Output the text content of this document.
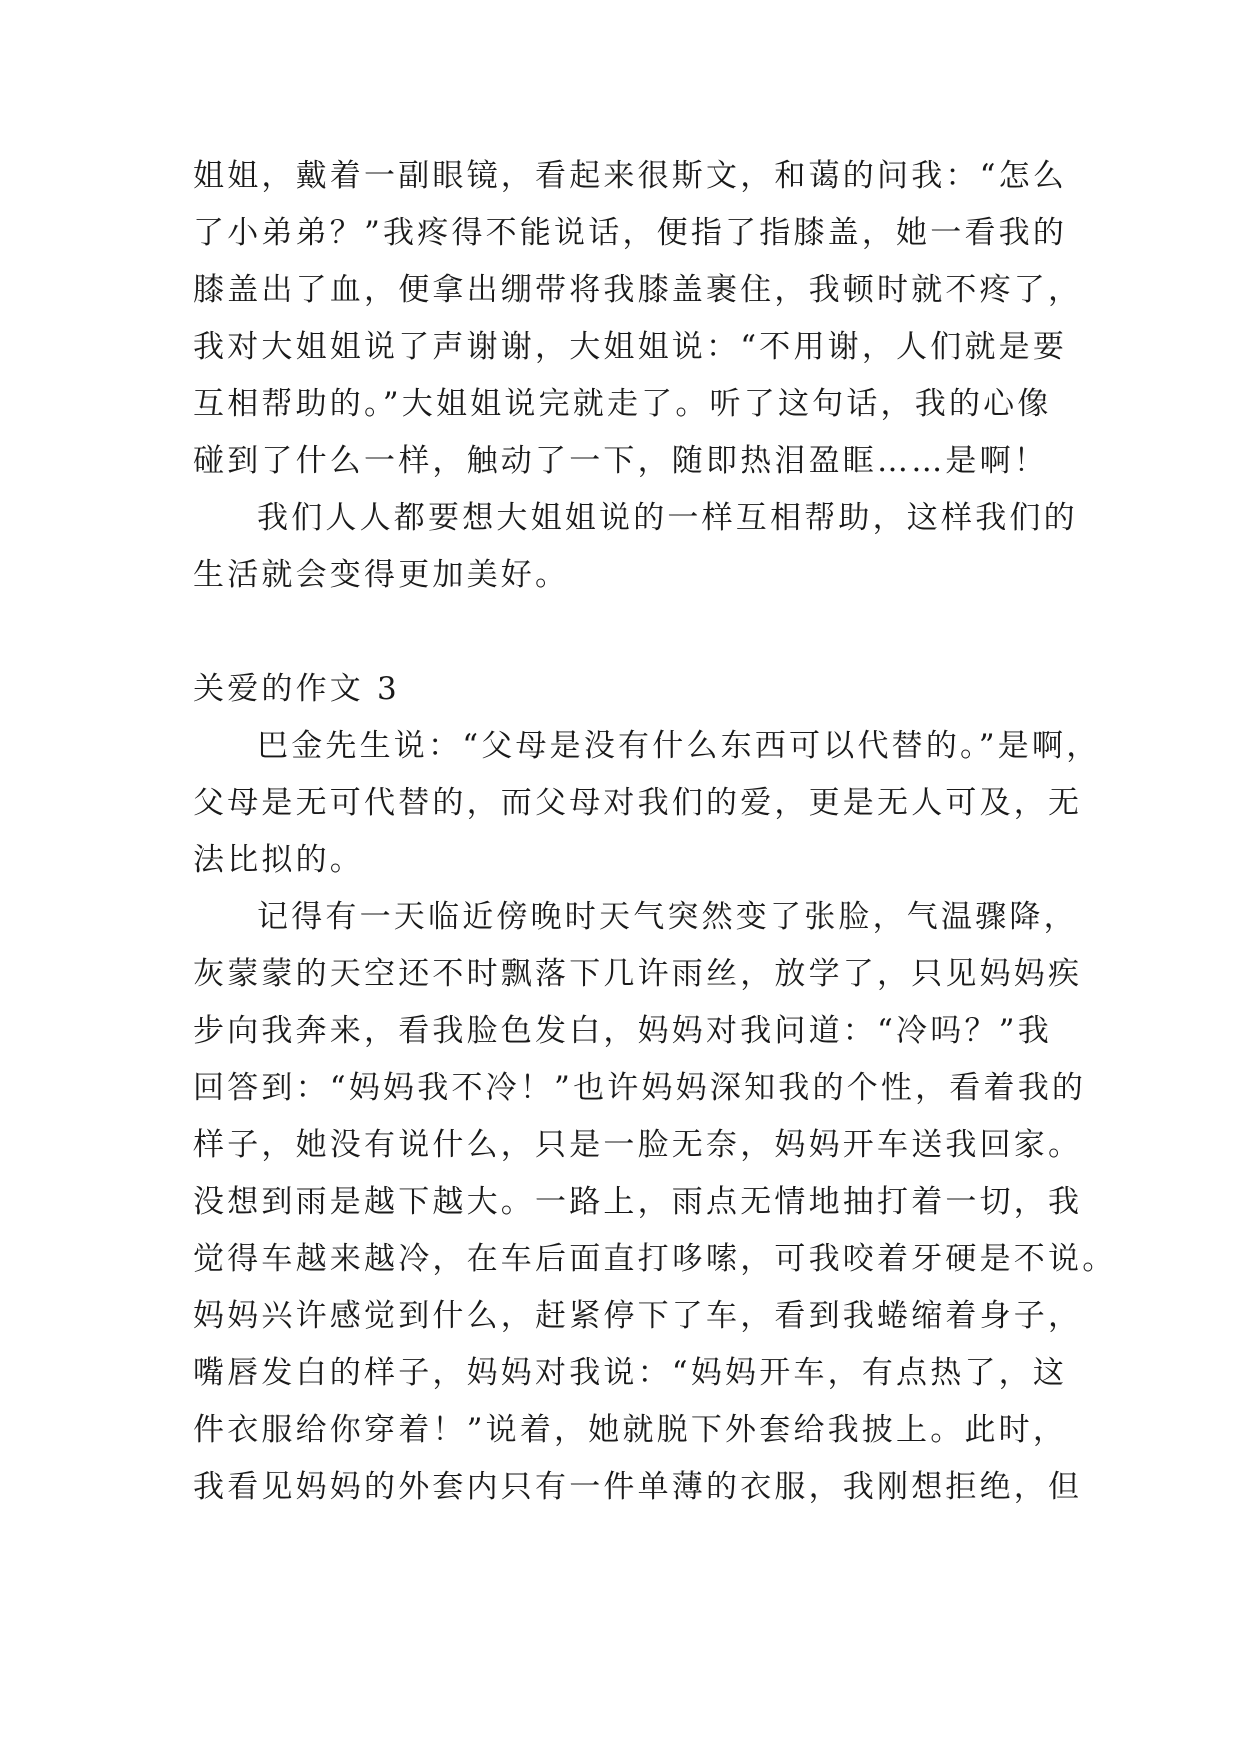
姐姐，戴着一副眼镜，看起来很斯文，和蔼的问我：“怎么
了小弟弟？”我疼得不能说话，便指了指膝盖，她一看我的
膝盖出了血，便拿出绷带将我膝盖裹住，我顿时就不疼了，
我对大姐姐说了声谢谢，大姐姐说：“不用谢，人们就是要
互相帮助的。”大姐姐说完就走了。听了这句话，我的心像
碰到了什么一样，触动了一下，随即热泪盈眶……是啊！
我们人人都要想大姐姐说的一样互相帮助，这样我们的
生活就会变得更加美好。
关爱的作文 3
巴金先生说：“父母是没有什么东西可以代替的。”是啊，
父母是无可代替的，而父母对我们的爱，更是无人可及，无
法比拟的。
记得有一天临近傍晚时天气突然变了张脸，气温骤降，
灰蒙蒙的天空还不时飘落下几许雨丝，放学了，只见妈妈疾
步向我奔来，看我脸色发白，妈妈对我问道：“冷吗？”我
回答到：“妈妈我不冷！”也许妈妈深知我的个性，看着我的
样子，她没有说什么，只是一脸无奈，妈妈开车送我回家。
没想到雨是越下越大。一路上，雨点无情地抽打着一切，我
觉得车越来越冷，在车后面直打哆嗦，可我咬着牙硬是不说。
妈妈兴许感觉到什么，赶紧停下了车，看到我蜷缩着身子，
嘴唇发白的样子，妈妈对我说：“妈妈开车，有点热了，这
件衣服给你穿着！”说着，她就脱下外套给我披上。此时，
我看见妈妈的外套内只有一件单薄的衣服，我刚想拒绝，但
